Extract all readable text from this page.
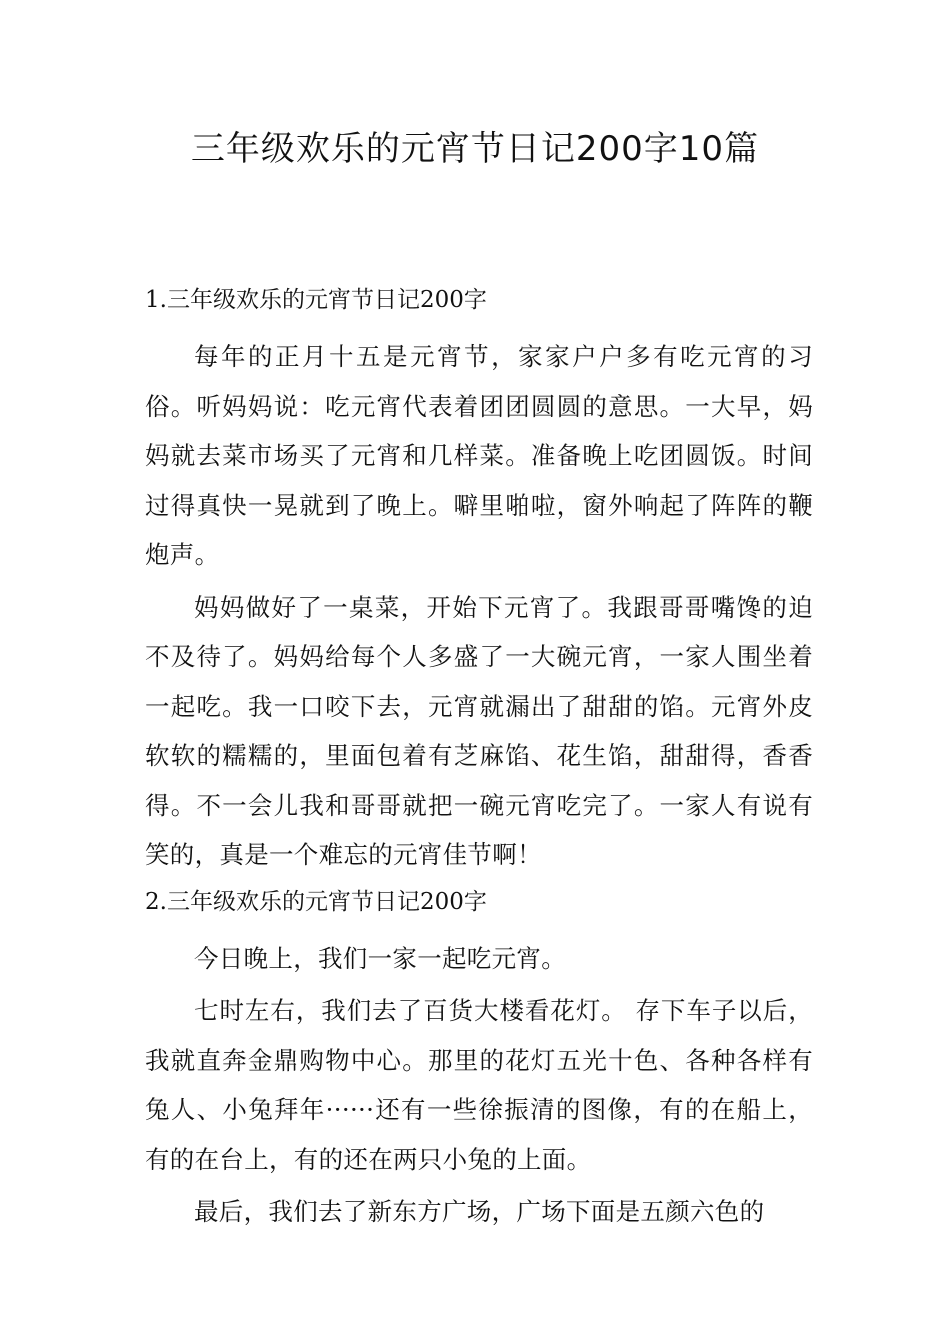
三年级欢乐的元宵节日记200字10篇
1.三年级欢乐的元宵节日记200字

每年的正月十五是元宵节，家家户户多有吃元宵的习俗。听妈妈说：吃元宵代表着团团圆圆的意思。一大早，妈妈就去菜市场买了元宵和几样菜。准备晚上吃团圆饭。时间过得真快一晃就到了晚上。噼里啪啦，窗外响起了阵阵的鞭炮声。

妈妈做好了一桌菜，开始下元宵了。我跟哥哥嘴馋的迫不及待了。妈妈给每个人多盛了一大碗元宵，一家人围坐着一起吃。我一口咬下去，元宵就漏出了甜甜的馅。元宵外皮软软的糯糯的，里面包着有芝麻馅、花生馅，甜甜得，香香得。不一会儿我和哥哥就把一碗元宵吃完了。一家人有说有笑的，真是一个难忘的元宵佳节啊！

2.三年级欢乐的元宵节日记200字

今日晚上，我们一家一起吃元宵。

七时左右，我们去了百货大楼看花灯。 存下车子以后，我就直奔金鼎购物中心。那里的花灯五光十色、各种各样有兔人、小兔拜年······还有一些徐振清的图像，有的在船上，有的在台上，有的还在两只小兔的上面。

最后，我们去了新东方广场，广场下面是五颜六色的
